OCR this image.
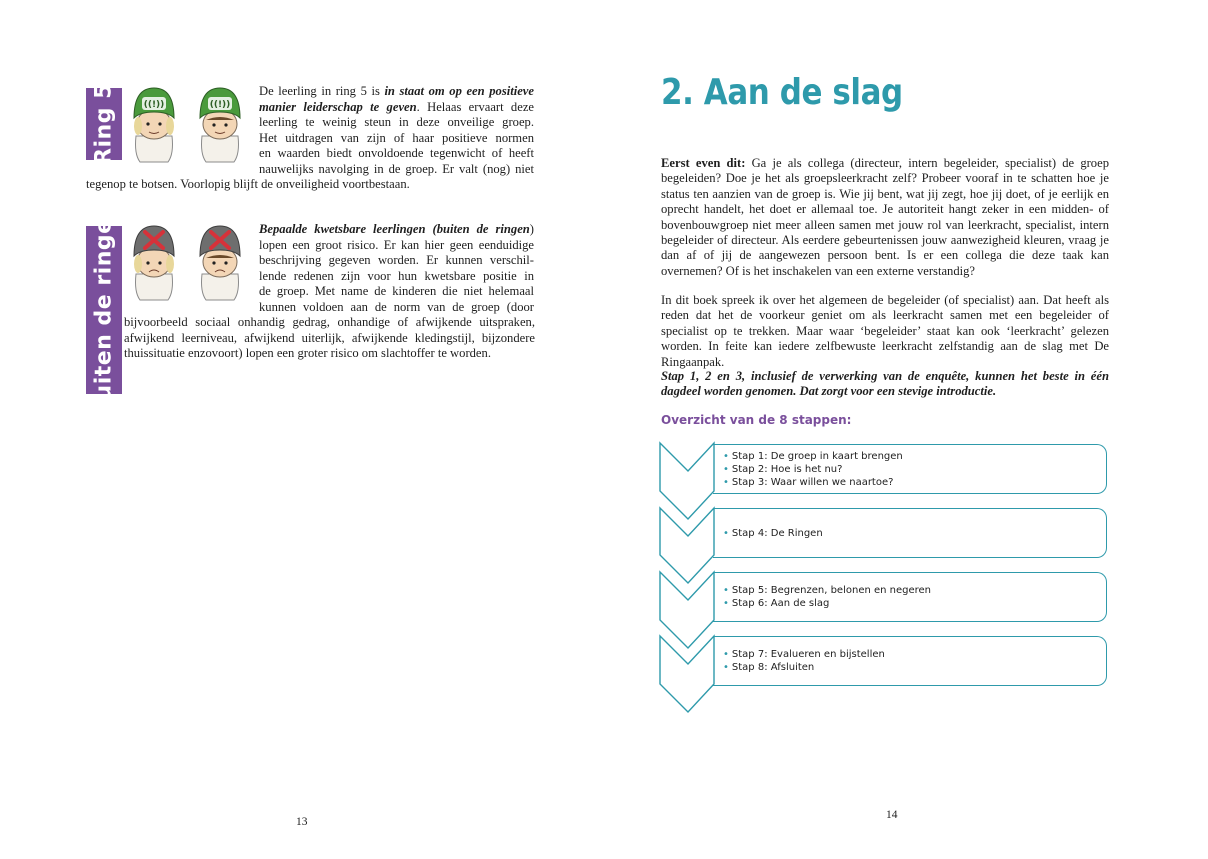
Ring 5	((!))	((!))
De leerling in ring 5 is in staat om op een positieve
manier leiderschap te geven. Helaas ervaart deze
leerling te weinig steun in deze onveilige groep.
Het uitdragen van zijn of haar positieve normen
en waarden biedt onvoldoende tegenwicht of heeft
nauwelijks navolging in de groep. Er valt (nog) niet
tegenop te botsen. Voorlopig blijft de onveiligheid voortbestaan.
Buiten de ringen	Bepaalde kwetsbare leerlingen (buiten de ringen)
lopen een groot risico. Er kan hier geen eenduidige
beschrijving gegeven worden. Er kunnen verschil-
lende redenen zijn voor hun kwetsbare positie in
de groep. Met name de kinderen die niet helemaal
kunnen voldoen aan de norm van de groep (door
bijvoorbeeld sociaal onhandig gedrag, onhandige of afwijkende uitspraken,
afwijkend leerniveau, afwijkend uiterlijk, afwijkende kledingstijl, bijzondere
thuissituatie enzovoort) lopen een groter risico om slachtoffer te worden.
13
2. Aan de slag
Eerst even dit: Ga je als collega (directeur, intern begeleider, specialist) de groep begeleiden? Doe je het als groepsleerkracht zelf? Probeer vooraf in te schatten hoe je status ten aanzien van de groep is. Wie jij bent, wat jij zegt, hoe jij doet, of je eerlijk en oprecht handelt, het doet er allemaal toe. Je autoriteit hangt zeker in een midden- of bovenbouwgroep niet meer alleen samen met jouw rol van leerkracht, specialist, intern begeleider of directeur. Als eerdere gebeurtenissen jouw aanwezigheid kleuren, vraag je dan af of jij de aangewezen persoon bent. Is er een collega die deze taak kan overnemen? Of is het inschakelen van een externe verstandig?
In dit boek spreek ik over het algemeen de begeleider (of specialist) aan. Dat heeft als reden dat het de voorkeur geniet om als leerkracht samen met een begeleider of specialist op te trekken. Maar waar ‘begeleider’ staat kan ook ‘leerkracht’ gelezen worden. In feite kan iedere zelfbewuste leerkracht zelfstandig aan de slag met De Ringaanpak.
Stap 1, 2 en 3, inclusief de verwerking van de enquête, kunnen het beste in één dagdeel worden genomen. Dat zorgt voor een stevige introductie.
Overzicht van de 8 stappen:
• Stap 1: De groep in kaart brengen
• Stap 2: Hoe is het nu?
• Stap 3: Waar willen we naartoe?
• Stap 4: De Ringen
• Stap 5: Begrenzen, belonen en negeren
• Stap 6: Aan de slag
• Stap 7: Evalueren en bijstellen
• Stap 8: Afsluiten
14
